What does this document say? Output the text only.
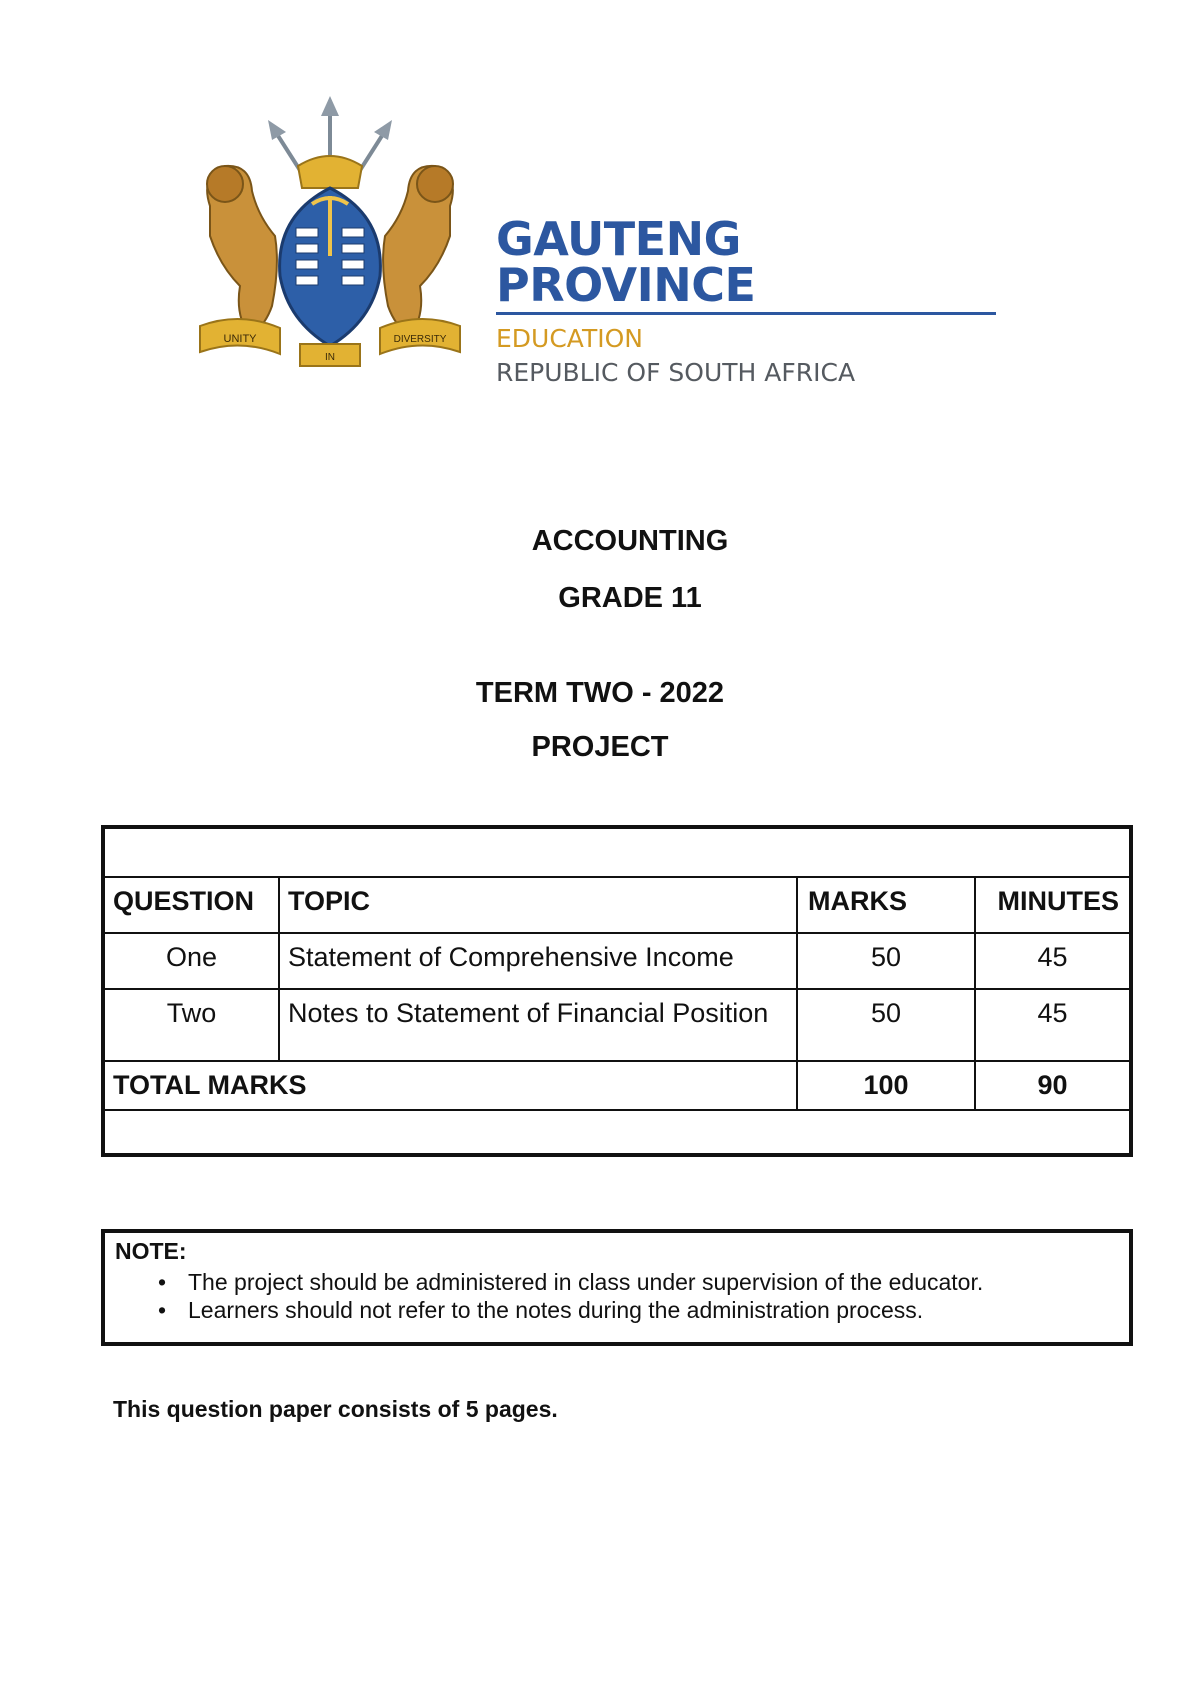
UNITY
IN
DIVERSITY
GAUTENG PROVINCE
EDUCATION
REPUBLIC OF SOUTH AFRICA
ACCOUNTING
GRADE 11
TERM TWO - 2022
PROJECT
QUESTION	TOPIC	MARKS	MINUTES
One	Statement of Comprehensive Income	50	45
Two	Notes to Statement of Financial Position	50	45
TOTAL MARKS		100	90

NOTE:

• The project should be administered in class under supervision of the educator.
• Learners should not refer to the notes during the administration process.
This question paper consists of 5 pages.
